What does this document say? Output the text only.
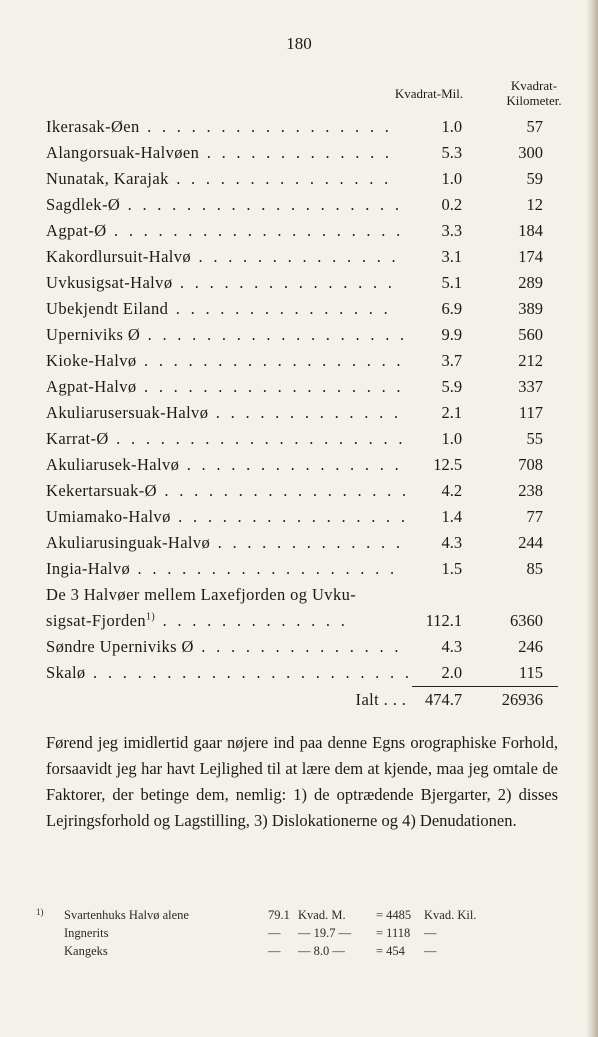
180
Kvadrat-Mil.
Kvadrat-
Kilometer.
Ikerasak-Øen . . . . . . . . . . . . . . . . .	1.0	57
Alangorsuak-Halvøen . . . . . . . . . . . . .	5.3	300
Nunatak, Karajak . . . . . . . . . . . . . . .	1.0	59
Sagdlek-Ø . . . . . . . . . . . . . . . . . . .	0.2	12
Agpat-Ø . . . . . . . . . . . . . . . . . . . .	3.3	184
Kakordlursuit-Halvø . . . . . . . . . . . . . .	3.1	174
Uvkusigsat-Halvø . . . . . . . . . . . . . . .	5.1	289
Ubekjendt Eiland . . . . . . . . . . . . . . .	6.9	389
Uperniviks Ø . . . . . . . . . . . . . . . . . .	9.9	560
Kioke-Halvø . . . . . . . . . . . . . . . . . .	3.7	212
Agpat-Halvø . . . . . . . . . . . . . . . . . .	5.9	337
Akuliarusersuak-Halvø . . . . . . . . . . . . .	2.1	117
Karrat-Ø . . . . . . . . . . . . . . . . . . . .	1.0	55
Akuliarusek-Halvø . . . . . . . . . . . . . . .	12.5	708
Kekertarsuak-Ø . . . . . . . . . . . . . . . . .	4.2	238
Umiamako-Halvø . . . . . . . . . . . . . . . .	1.4	77
Akuliarusinguak-Halvø . . . . . . . . . . . . .	4.3	244
Ingia-Halvø . . . . . . . . . . . . . . . . . .	1.5	85
De 3 Halvøer mellem Laxefjorden og Uvku-		
sigsat-Fjorden$^{1)}$ . . . . . . . . . . . . .	112.1	6360
Søndre Uperniviks Ø . . . . . . . . . . . . . .	4.3	246
Skalø . . . . . . . . . . . . . . . . . . . . . .	2.0	115
Ialt . . .	474.7	26936
Førend jeg imidlertid gaar nøjere ind paa denne Egns orographiske Forhold, forsaavidt jeg har havt Lejlighed til at lære dem at kjende, maa jeg omtale de Faktorer, der betinge dem, nemlig: 1) de optrædende Bjergarter, 2) disses Lejringsforhold og Lagstilling, 3) Dislokationerne og 4) Denudationen.
1)	Svartenhuks Halvø alene	79.1 Kvad. M.	= 4485	Kvad. Kil.
Ingnerits	—	— 19.7 —	= 1118	—
Kangeks	—	— 8.0 —	= 454	—
